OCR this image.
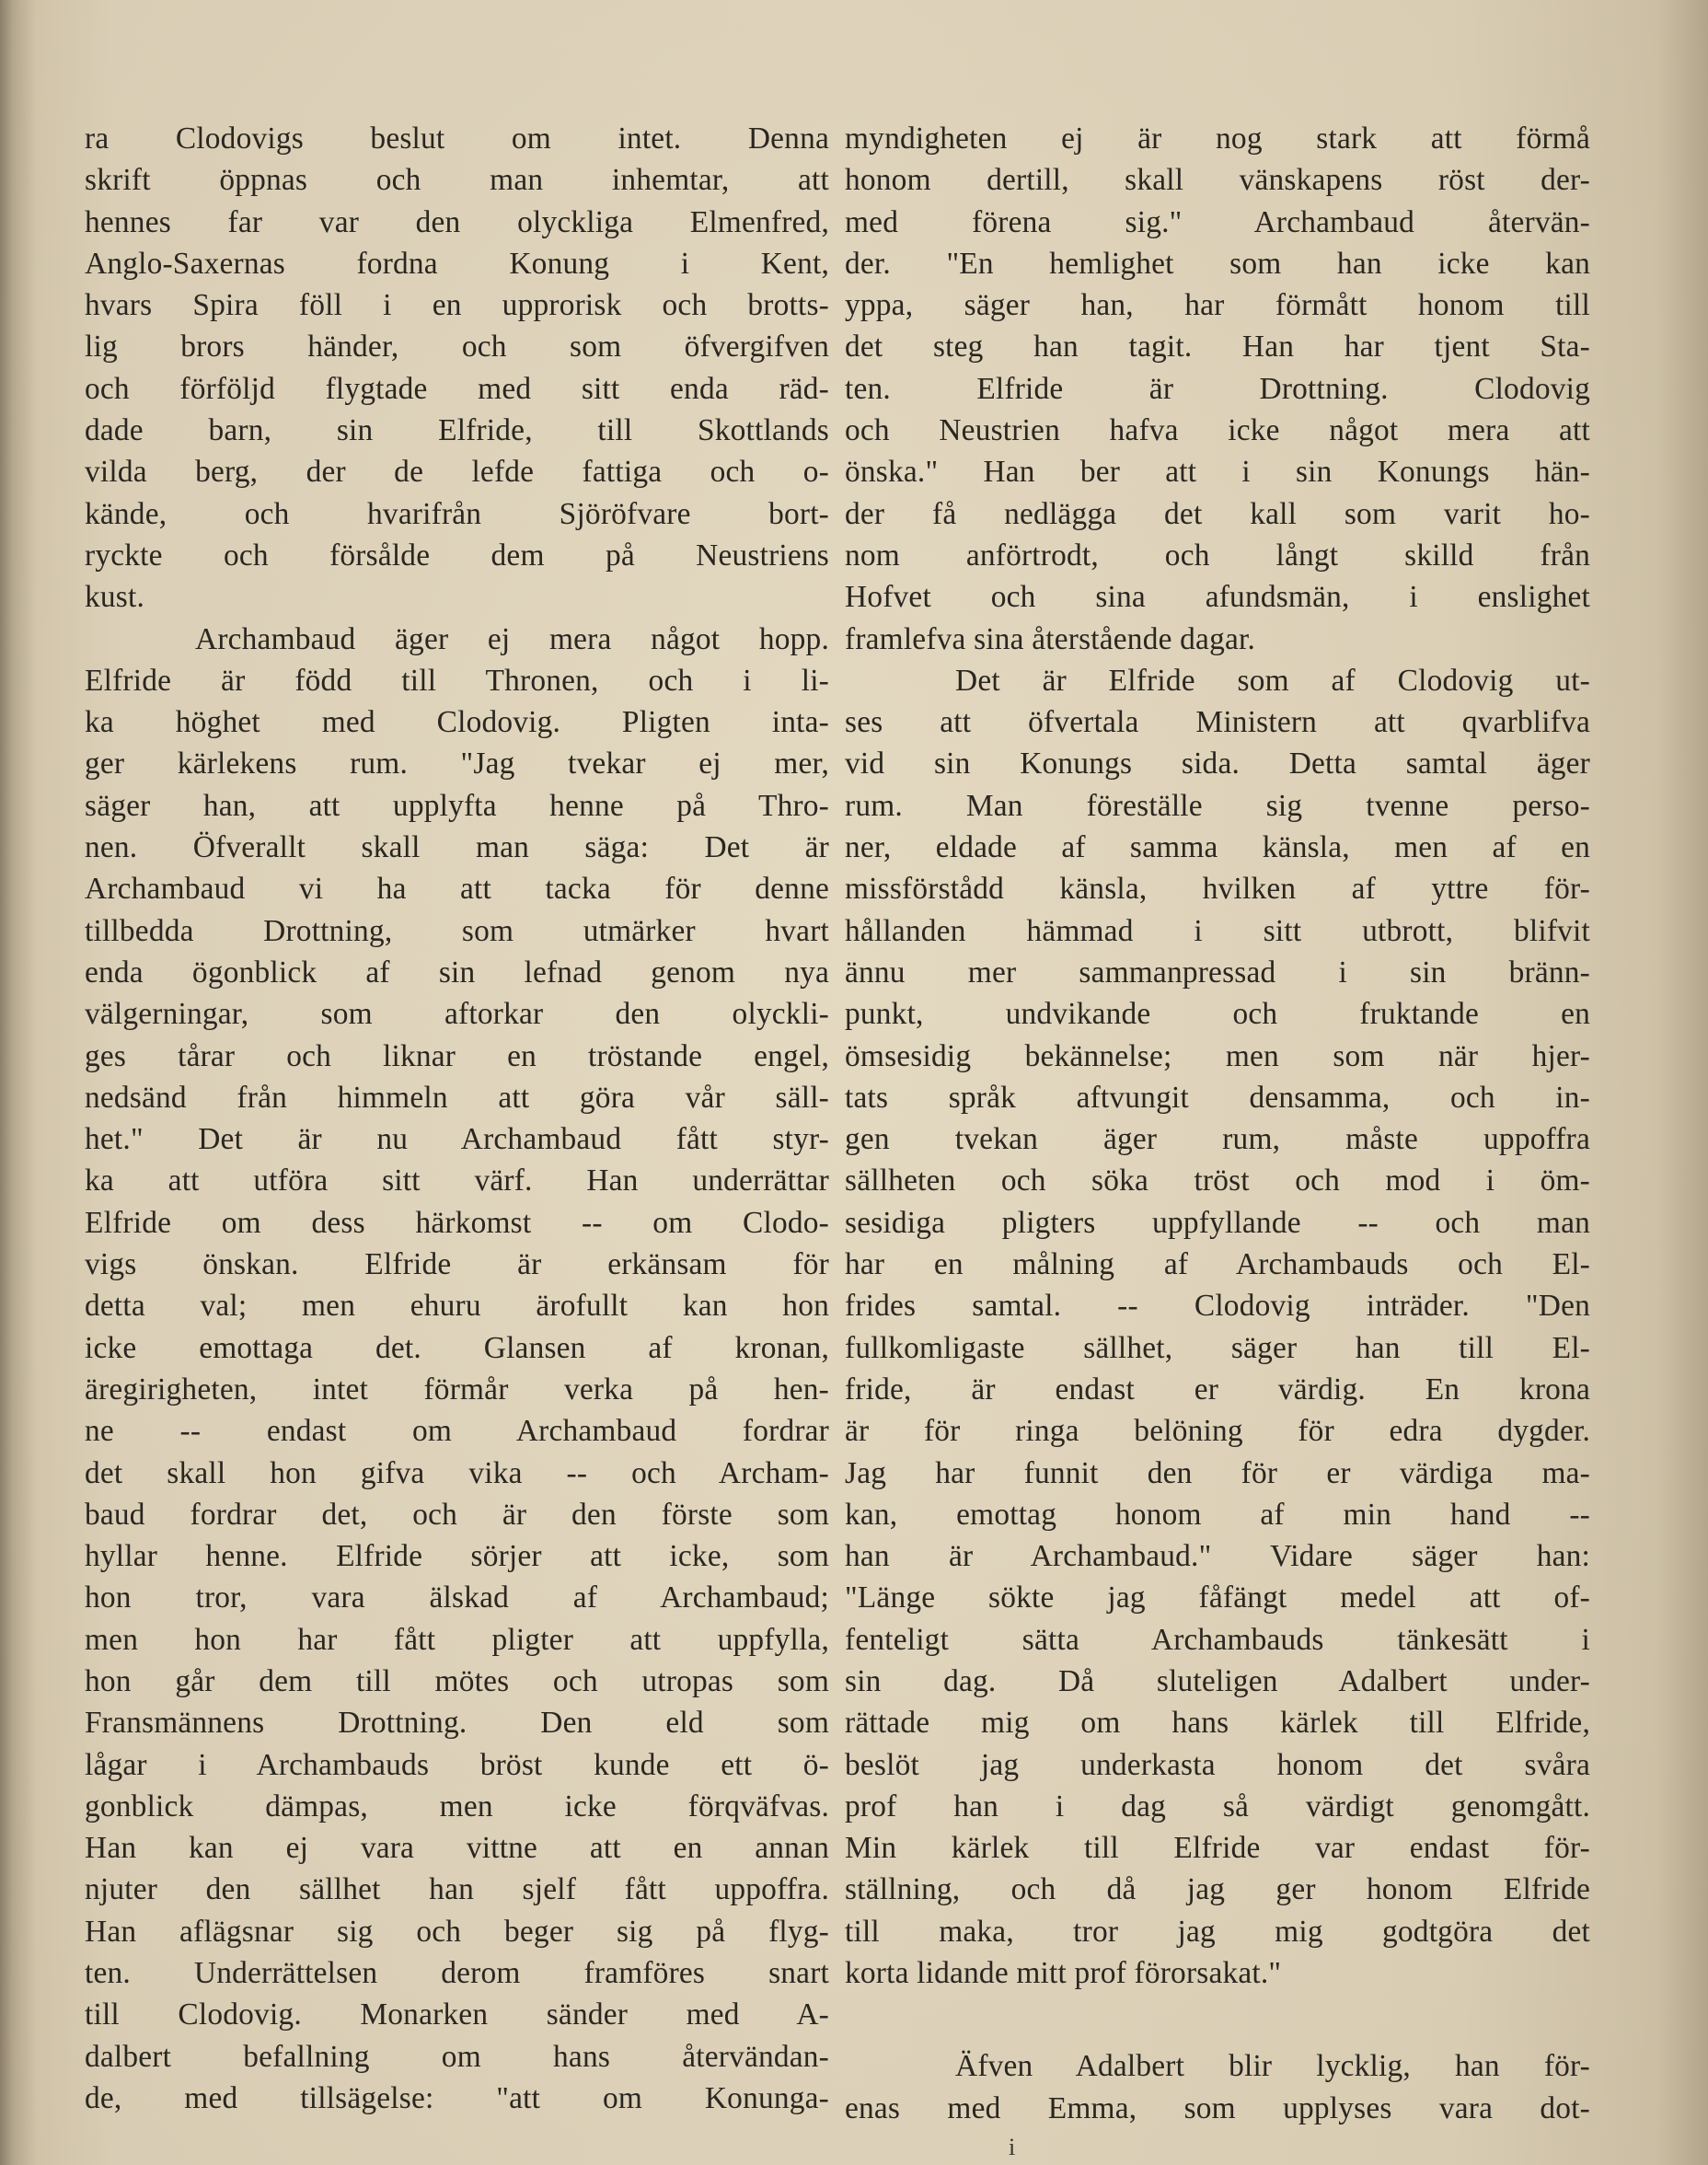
ra Clodovigs beslut om intet. Denna
skrift öppnas och man inhemtar, att
hennes far var den olyckliga Elmenfred,
Anglo-Saxernas fordna Konung i Kent,
hvars Spira föll i en upprorisk och brotts-
lig brors händer, och som öfvergifven
och förföljd flygtade med sitt enda räd-
dade barn, sin Elfride, till Skottlands
vilda berg, der de lefde fattiga och o-
kände, och hvarifrån Sjöröfvare bort-
ryckte och försålde dem på Neustriens
kust.
Archambaud äger ej mera något hopp.
Elfride är född till Thronen, och i li-
ka höghet med Clodovig. Pligten inta-
ger kärlekens rum. "Jag tvekar ej mer,
säger han, att upplyfta henne på Thro-
nen. Öfverallt skall man säga: Det är
Archambaud vi ha att tacka för denne
tillbedda Drottning, som utmärker hvart
enda ögonblick af sin lefnad genom nya
välgerningar, som aftorkar den olyckli-
ges tårar och liknar en tröstande engel,
nedsänd från himmeln att göra vår säll-
het." Det är nu Archambaud fått styr-
ka att utföra sitt värf. Han underrättar
Elfride om dess härkomst -- om Clodo-
vigs önskan. Elfride är erkänsam för
detta val; men ehuru ärofullt kan hon
icke emottaga det. Glansen af kronan,
äregirigheten, intet förmår verka på hen-
ne -- endast om Archambaud fordrar
det skall hon gifva vika -- och Archam-
baud fordrar det, och är den förste som
hyllar henne. Elfride sörjer att icke, som
hon tror, vara älskad af Archambaud;
men hon har fått pligter att uppfylla,
hon går dem till mötes och utropas som
Fransmännens Drottning. Den eld som
lågar i Archambauds bröst kunde ett ö-
gonblick dämpas, men icke förqväfvas.
Han kan ej vara vittne att en annan
njuter den sällhet han sjelf fått uppoffra.
Han aflägsnar sig och beger sig på flyg-
ten. Underrättelsen derom framföres snart
till Clodovig. Monarken sänder med A-
dalbert befallning om hans återvändan-
de, med tillsägelse: "att om Konunga-
myndigheten ej är nog stark att förmå
honom dertill, skall vänskapens röst der-
med förena sig." Archambaud återvän-
der. "En hemlighet som han icke kan
yppa, säger han, har förmått honom till
det steg han tagit. Han har tjent Sta-
ten. Elfride är Drottning. Clodovig
och Neustrien hafva icke något mera att
önska." Han ber att i sin Konungs hän-
der få nedlägga det kall som varit ho-
nom anförtrodt, och långt skilld från
Hofvet och sina afundsmän, i enslighet
framlefva sina återstående dagar.
Det är Elfride som af Clodovig ut-
ses att öfvertala Ministern att qvarblifva
vid sin Konungs sida. Detta samtal äger
rum. Man föreställe sig tvenne perso-
ner, eldade af samma känsla, men af en
missförstådd känsla, hvilken af yttre för-
hållanden hämmad i sitt utbrott, blifvit
ännu mer sammanpressad i sin bränn-
punkt, undvikande och fruktande en
ömsesidig bekännelse; men som när hjer-
tats språk aftvungit densamma, och in-
gen tvekan äger rum, måste uppoffra
sällheten och söka tröst och mod i öm-
sesidiga pligters uppfyllande -- och man
har en målning af Archambauds och El-
frides samtal. -- Clodovig inträder. "Den
fullkomligaste sällhet, säger han till El-
fride, är endast er värdig. En krona
är för ringa belöning för edra dygder.
Jag har funnit den för er värdiga ma-
kan, emottag honom af min hand --
han är Archambaud." Vidare säger han:
"Länge sökte jag fåfängt medel att of-
fenteligt sätta Archambauds tänkesätt i
sin dag. Då sluteligen Adalbert under-
rättade mig om hans kärlek till Elfride,
beslöt jag underkasta honom det svåra
prof han i dag så värdigt genomgått.
Min kärlek till Elfride var endast för-
ställning, och då jag ger honom Elfride
till maka, tror jag mig godtgöra det
korta lidande mitt prof förorsakat."
Äfven Adalbert blir lycklig, han för-
enas med Emma, som upplyses vara dot-
i
